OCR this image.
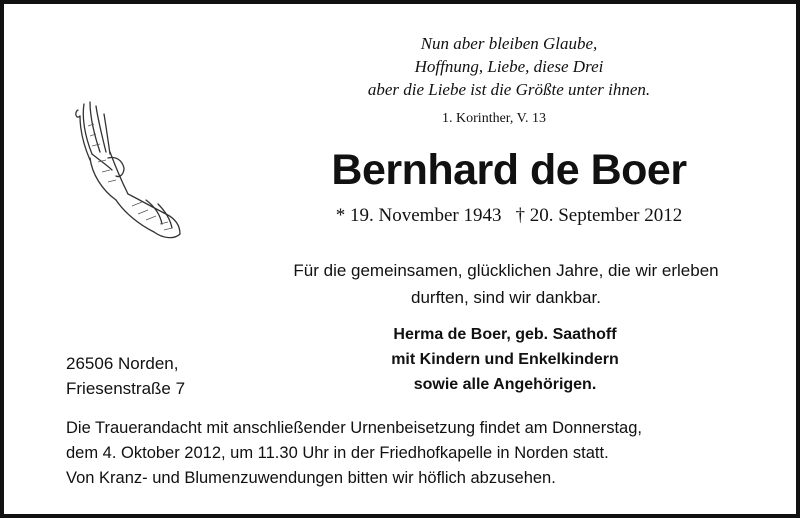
Nun aber bleiben Glaube,
Hoffnung, Liebe, diese Drei
aber die Liebe ist die Größte unter ihnen.
1. Korinther, V. 13
Bernhard de Boer
* 19. November 1943 † 20. September 2012
Für die gemeinsamen, glücklichen Jahre, die wir erleben
durften, sind wir dankbar.
26506 Norden,
Friesenstraße 7
Herma de Boer, geb. Saathoff
mit Kindern und Enkelkindern
sowie alle Angehörigen.
Die Trauerandacht mit anschließender Urnenbeisetzung findet am Donnerstag,
dem 4. Oktober 2012, um 11.30 Uhr in der Friedhofkapelle in Norden statt.
Von Kranz- und Blumenzuwendungen bitten wir höflich abzusehen.
